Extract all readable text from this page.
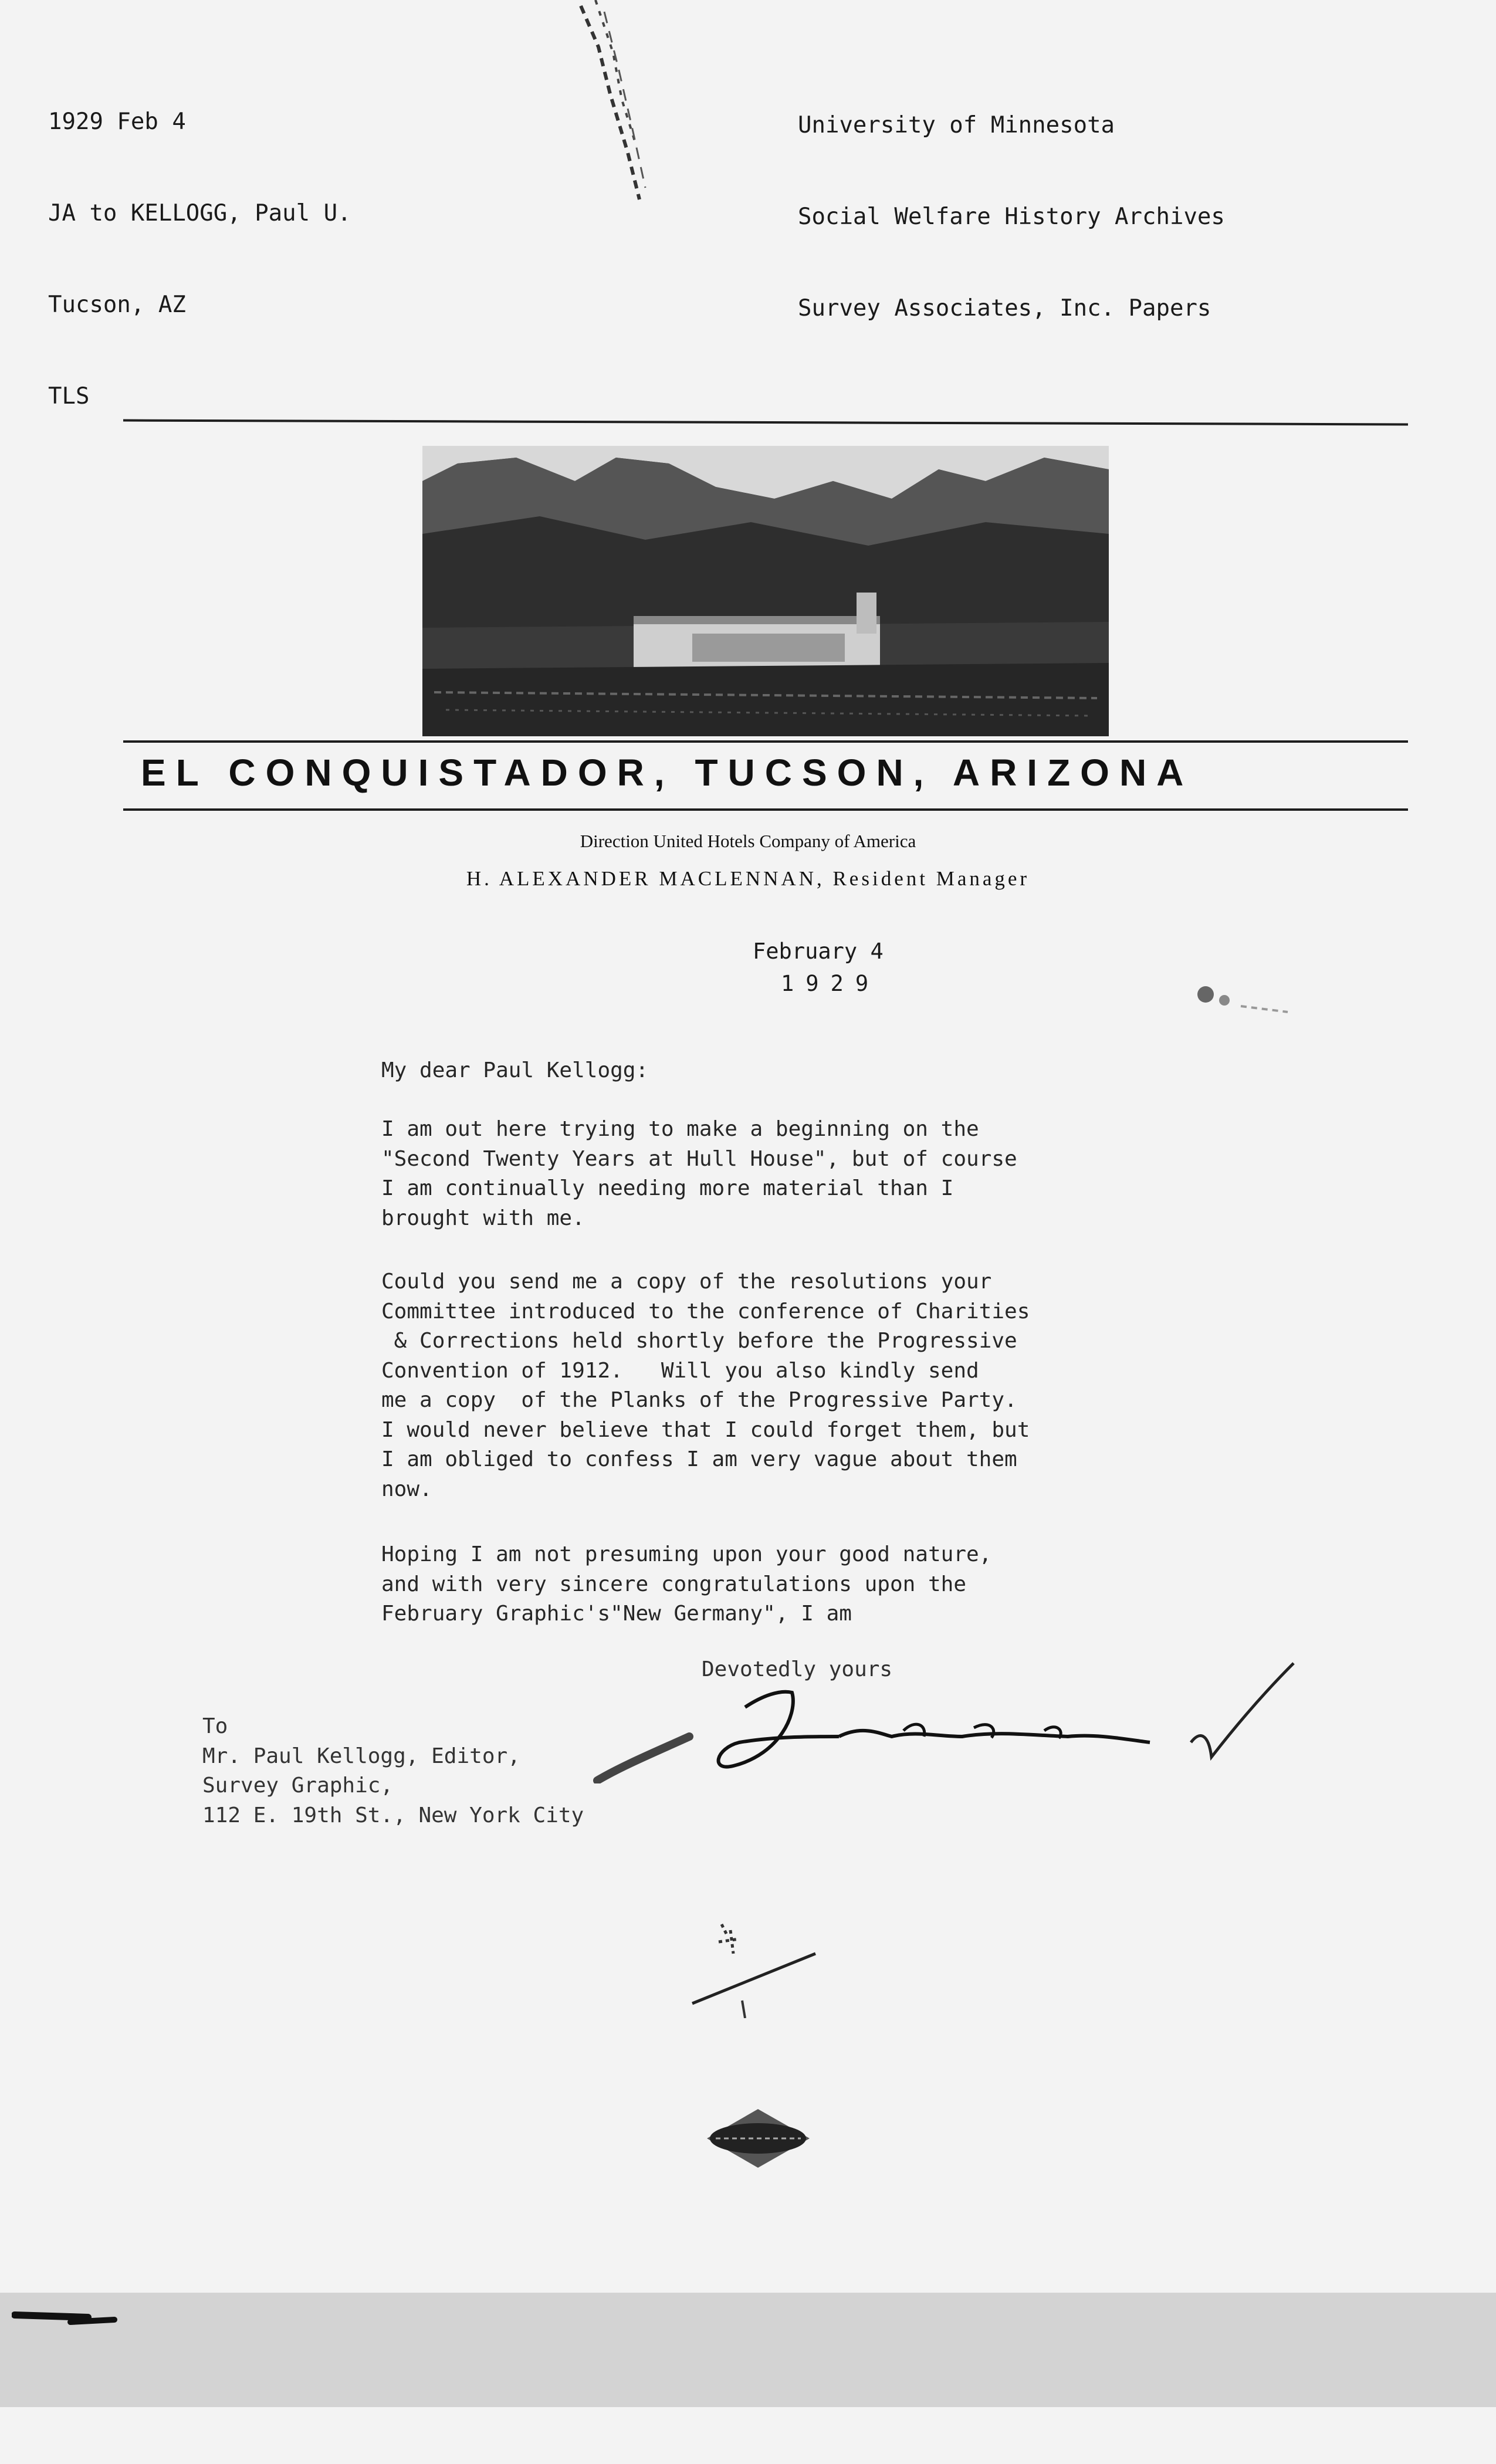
1929 Feb 4

JA to KELLOGG, Paul U.

Tucson, AZ

TLS

University of Minnesota

Social Welfare History Archives

Survey Associates, Inc. Papers

EL CONQUISTADOR, TUCSON, ARIZONA
Direction United Hotels Company of America
H. ALEXANDER MACLENNAN, Resident Manager
February 4
1929
My dear Paul Kellogg:
I am out here trying to make a beginning on the
"Second Twenty Years at Hull House", but of course
I am continually needing more material than I
brought with me.
Could you send me a copy of the resolutions your
Committee introduced to the conference of Charities
& Corrections held shortly before the Progressive
Convention of 1912.   Will you also kindly send
me a copy  of the Planks of the Progressive Party.
I would never believe that I could forget them, but
I am obliged to confess I am very vague about them
now.
Hoping I am not presuming upon your good nature,
and with very sincere congratulations upon the
February Graphic's"New Germany", I am
Devotedly yours
To
Mr. Paul Kellogg, Editor,
Survey Graphic,
112 E. 19th St., New York City
